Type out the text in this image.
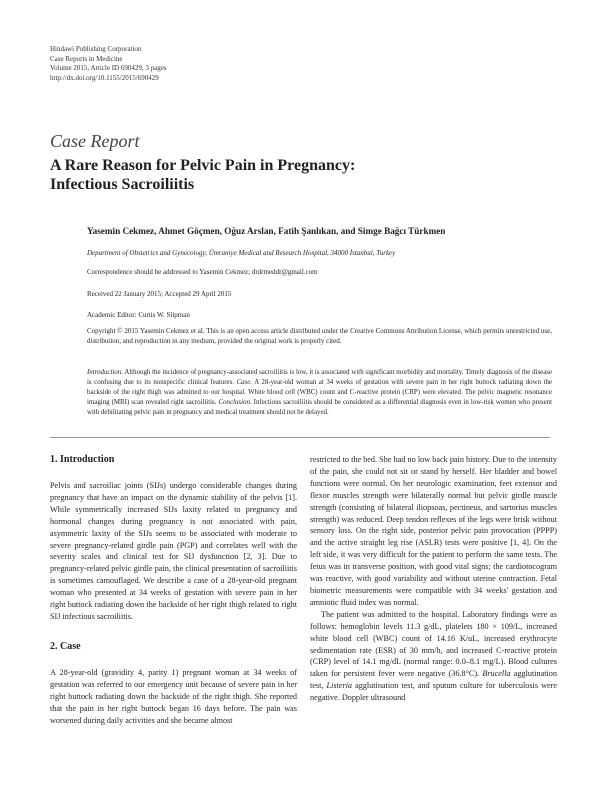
Hindawi Publishing Corporation
Case Reports in Medicine
Volume 2015, Article ID 690429, 3 pages
http://dx.doi.org/10.1155/2015/690429
Case Report
A Rare Reason for Pelvic Pain in Pregnancy:
Infectious Sacroiliitis
Yasemin Cekmez, Ahmet Göçmen, Oğuz Arslan, Fatih Şanlıkan, and Simge Bağcı Türkmen
Department of Obstetrics and Gynecology, Ümraniye Medical and Research Hospital, 34000 İstanbul, Turkey
Correspondence should be addressed to Yasemin Cekmez; drdrmeddr@gmail.com
Received 22 January 2015; Accepted 29 April 2015
Academic Editor: Curtis W. Slipman
Copyright © 2015 Yasemin Cekmez et al. This is an open access article distributed under the Creative Commons Attribution License, which permits unrestricted use, distribution, and reproduction in any medium, provided the original work is properly cited.
Introduction. Although the incidence of pregnancy-associated sacroiliitis is low, it is associated with significant morbidity and mortality. Timely diagnosis of the disease is confusing due to its nonspecific clinical features. Case. A 28-year-old woman at 34 weeks of gestation with severe pain in her right buttock radiating down the backside of the right thigh was admitted to our hospital. White blood cell (WBC) count and C-reactive protein (CRP) were elevated. The pelvic magnetic resonance imaging (MRI) scan revealed right sacroiliitis. Conclusion. Infectious sacroiliitis should be considered as a differential diagnosis even in low-risk women who present with debilitating pelvic pain in pregnancy and medical treatment should not be delayed.
1. Introduction

Pelvis and sacroiliac joints (SIJs) undergo considerable changes during pregnancy that have an impact on the dynamic stability of the pelvis [1]. While symmetrically increased SIJs laxity related to pregnancy and hormonal changes during pregnancy is not associated with pain, asymmetric laxity of the SIJs seems to be associated with moderate to severe pregnancy-related girdle pain (PGP) and correlates well with the severity scales and clinical test for SIJ dysfunction [2, 3]. Due to pregnancy-related pelvic girdle pain, the clinical presentation of sacroiliitis is sometimes camouflaged. We describe a case of a 28-year-old pregnant woman who presented at 34 weeks of gestation with severe pain in her right buttock radiating down the backside of her right thigh related to right SIJ infectious sacroiliitis.

2. Case

A 28-year-old (gravidity 4, parity 1) pregnant woman at 34 weeks of gestation was referred to our emergency unit because of severe pain in her right buttock radiating down the backside of the right thigh. She reported that the pain in her right buttock began 16 days before. The pain was worsened during daily activities and she became almost

restricted to the bed. She had no low back pain history. Due to the intensity of the pain, she could not sit or stand by herself. Her bladder and bowel functions were normal. On her neurologic examination, feet extensor and flexor muscles strength were bilaterally normal but pelvic girdle muscle strength (consisting of bilateral iliopsoas, pectineus, and sartorius muscles strength) was reduced. Deep tendon reflexes of the legs were brisk without sensory loss. On the right side, posterior pelvic pain provocation (PPPP) and the active straight leg rise (ASLR) tests were positive [1, 4]. On the left side, it was very difficult for the patient to perform the same tests. The fetus was in transverse position, with good vital signs; the cardiotocogram was reactive, with good variability and without uterine contraction. Fetal biometric measurements were compatible with 34 weeks' gestation and amniotic fluid index was normal.

The patient was admitted to the hospital. Laboratory findings were as follows: hemoglobin levels 11.3 g/dL, platelets 180 × 109/L, increased white blood cell (WBC) count of 14.16 K/uL, increased erythrocyte sedimentation rate (ESR) of 30 mm/h, and increased C-reactive protein (CRP) level of 14.1 mg/dL (normal range: 0.0–8.1 mg/L). Blood cultures taken for persistent fever were negative (36.8°C). Brucella agglutination test, Listeria agglutination test, and sputum culture for tuberculosis were negative. Doppler ultrasound
